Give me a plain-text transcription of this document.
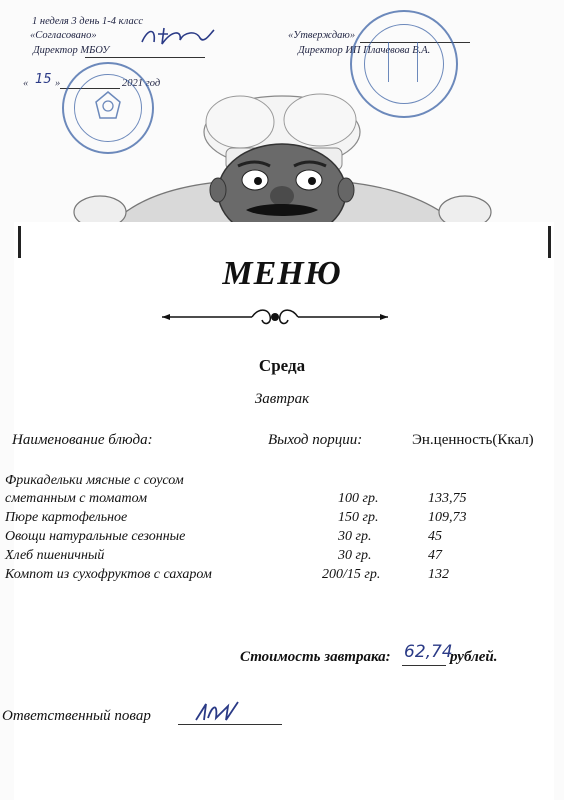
1 неделя 3 день 1-4 класс
«Согласовано»
Директор МБОУ
« 15 »	2021 год
«Утверждаю»
Директор ИП Плачевова В.А.
МЕНЮ
Среда
Завтрак
Наименование блюда:	Выход порции:	Эн.ценность(Ккал)
Фрикадельки мясные с соусом
сметанным с томатом	100 гр.	133,75
Пюре картофельное	150 гр.	109,73
Овощи натуральные сезонные	30 гр.	45
Хлеб пшеничный	30 гр.	47
Компот из сухофруктов с сахаром	200/15 гр.	132
Стоимость завтрака: 62,74
рублей.
Ответственный повар
